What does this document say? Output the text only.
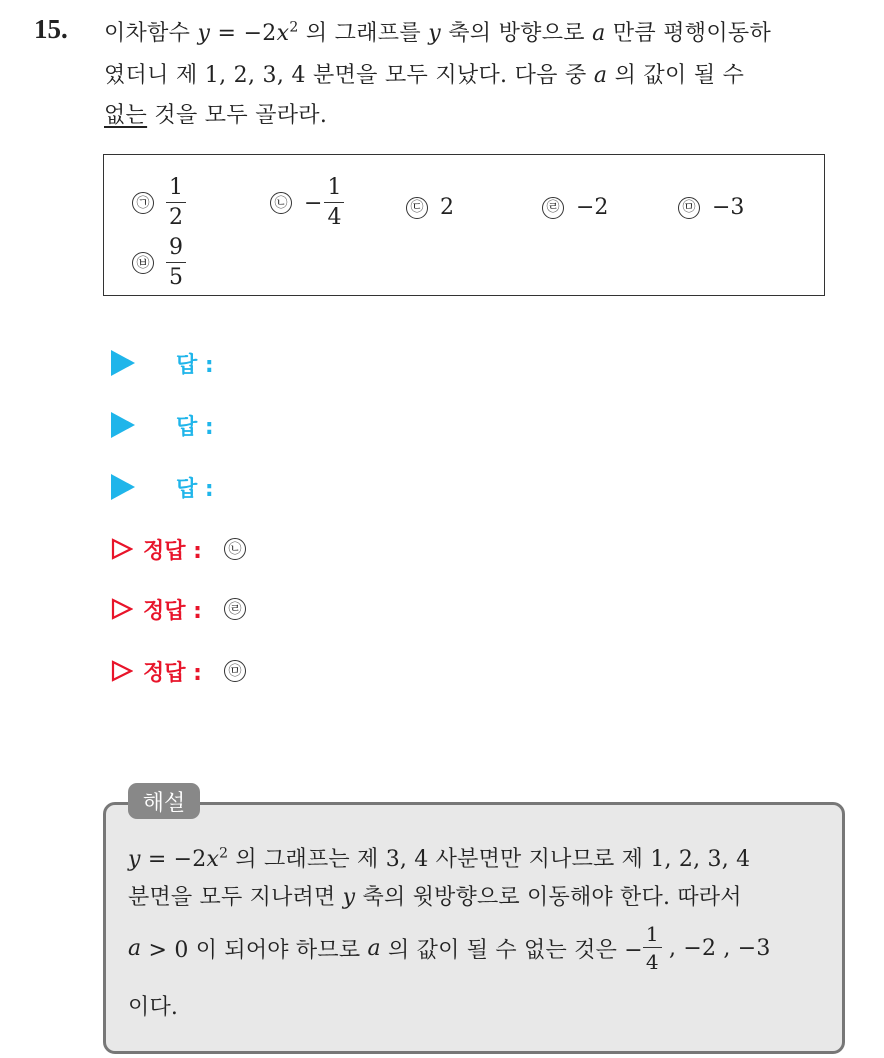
15. 이차함수 $y = -2x^2$ 의 그래프를 y 축의 방향으로 a 만큼 평행이동하
였더니 제 1, 2, 3, 4 분면을 모두 지났다. 다음 중 a 의 값이 될 수
없는 것을 모두 골라라.
㉠ $\frac{1}{2}$	㉡ − $\frac{1}{4}$	㉢ 2	㉣ −2	㉤ −3
㉥ $\frac{9}{5}$
답 :
답 :
답 :
정답 :	㉡
정답 :	㉣
정답 :	㉤
해설
$y = -2x^2$ 의 그래프는 제 3, 4 사분면만 지나므로 제 1, 2, 3, 4
분면을 모두 지나려면 y 축의 윗방향으로 이동해야 한다. 따라서
a > 0 이 되어야 하므로 a 의 값이 될 수 없는 것은 − $\frac{1}{4}$ , −2 , −3
이다.
